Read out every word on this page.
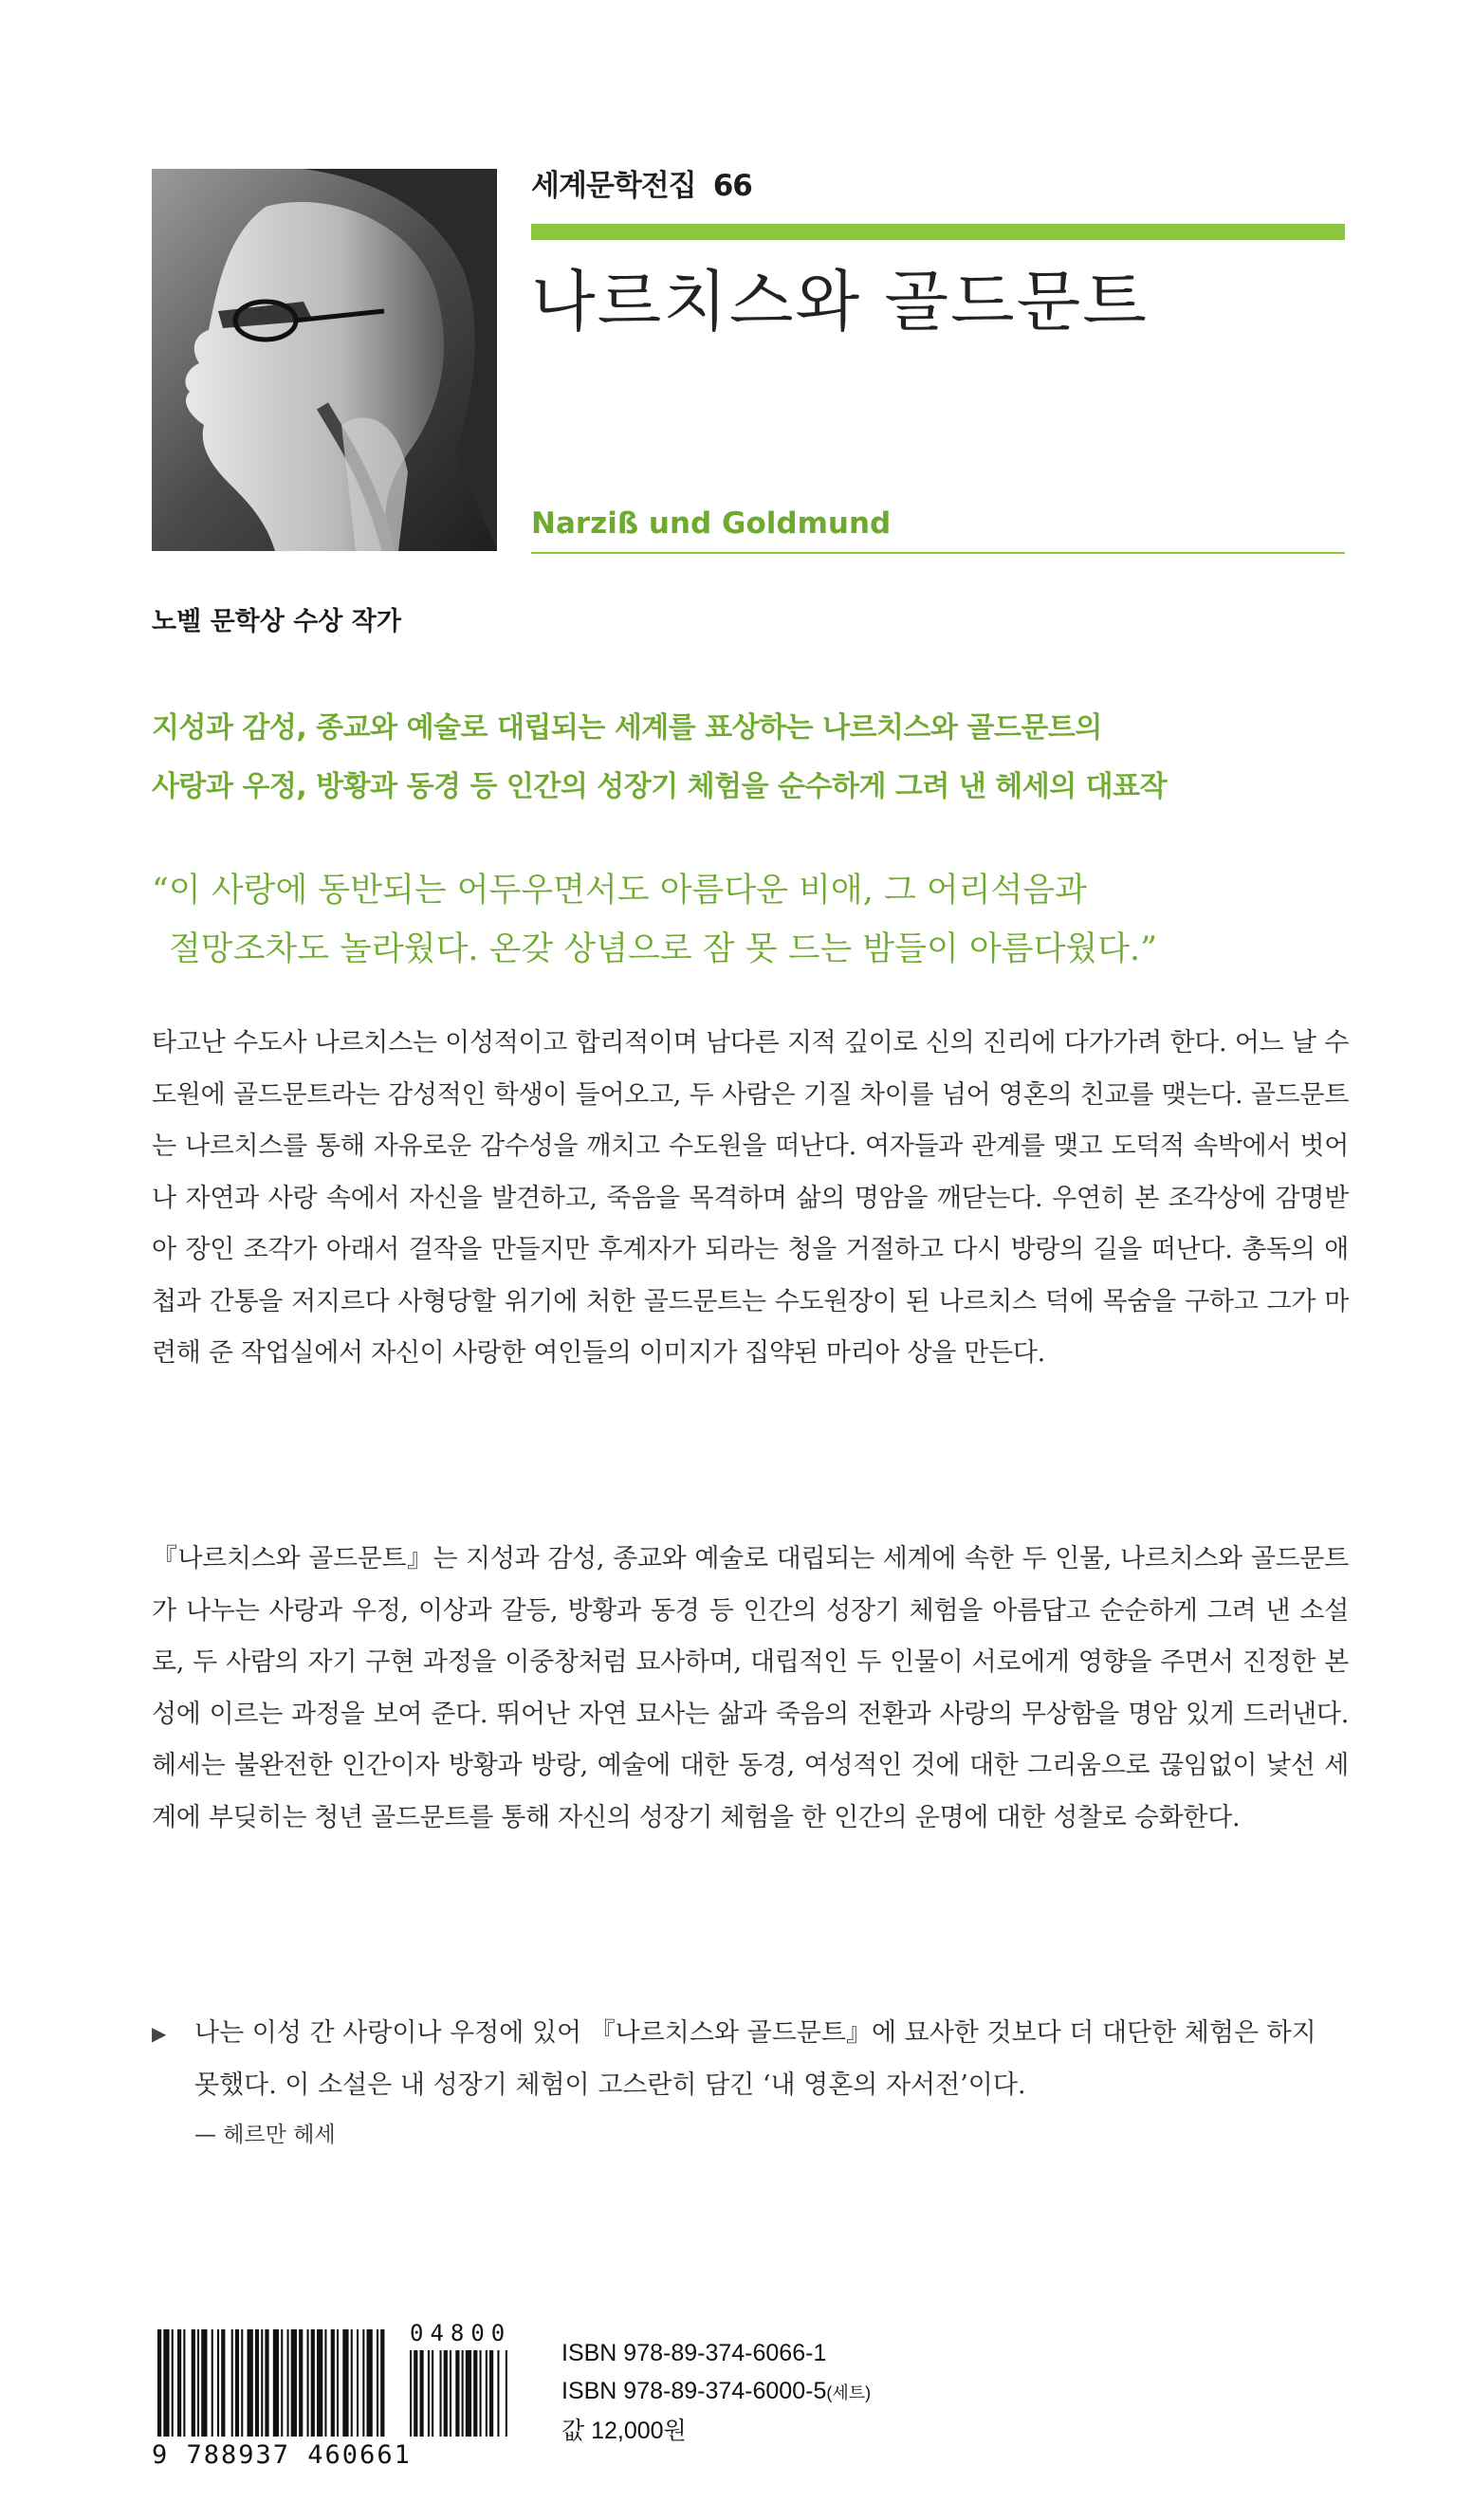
세계문학전집 66
나르치스와 골드문트
Narziß und Goldmund
노벨 문학상 수상 작가
지성과 감성, 종교와 예술로 대립되는 세계를 표상하는 나르치스와 골드문트의
사랑과 우정, 방황과 동경 등 인간의 성장기 체험을 순수하게 그려 낸 헤세의 대표작
“이 사랑에 동반되는 어두우면서도 아름다운 비애, 그 어리석음과
절망조차도 놀라웠다. 온갖 상념으로 잠 못 드는 밤들이 아름다웠다.”
타고난 수도사 나르치스는 이성적이고 합리적이며 남다른 지적 깊이로 신의 진리에 다가가려 한다. 어느 날 수도원에 골드문트라는 감성적인 학생이 들어오고, 두 사람은 기질 차이를 넘어 영혼의 친교를 맺는다. 골드문트는 나르치스를 통해 자유로운 감수성을 깨치고 수도원을 떠난다. 여자들과 관계를 맺고 도덕적 속박에서 벗어나 자연과 사랑 속에서 자신을 발견하고, 죽음을 목격하며 삶의 명암을 깨닫는다. 우연히 본 조각상에 감명받아 장인 조각가 아래서 걸작을 만들지만 후계자가 되라는 청을 거절하고 다시 방랑의 길을 떠난다. 총독의 애첩과 간통을 저지르다 사형당할 위기에 처한 골드문트는 수도원장이 된 나르치스 덕에 목숨을 구하고 그가 마련해 준 작업실에서 자신이 사랑한 여인들의 이미지가 집약된 마리아 상을 만든다.
『나르치스와 골드문트』는 지성과 감성, 종교와 예술로 대립되는 세계에 속한 두 인물, 나르치스와 골드문트가 나누는 사랑과 우정, 이상과 갈등, 방황과 동경 등 인간의 성장기 체험을 아름답고 순순하게 그려 낸 소설로, 두 사람의 자기 구현 과정을 이중창처럼 묘사하며, 대립적인 두 인물이 서로에게 영향을 주면서 진정한 본성에 이르는 과정을 보여 준다. 뛰어난 자연 묘사는 삶과 죽음의 전환과 사랑의 무상함을 명암 있게 드러낸다. 헤세는 불완전한 인간이자 방황과 방랑, 예술에 대한 동경, 여성적인 것에 대한 그리움으로 끊임없이 낯선 세계에 부딪히는 청년 골드문트를 통해 자신의 성장기 체험을 한 인간의 운명에 대한 성찰로 승화한다.
▶ 나는 이성 간 사랑이나 우정에 있어 『나르치스와 골드문트』에 묘사한 것보다 더 대단한 체험은 하지 못했다. 이 소설은 내 성장기 체험이 고스란히 담긴 ‘내 영혼의 자서전’이다.
— 헤르만 헤세
9 788937 460661
04800
ISBN 978-89-374-6066-1
ISBN 978-89-374-6000-5(세트)
값 12,000원
